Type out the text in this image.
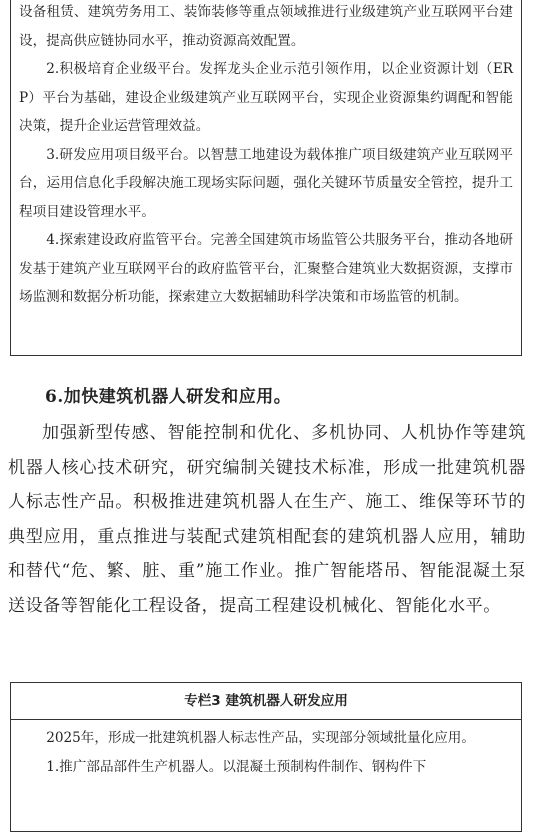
设备租赁、建筑劳务用工、装饰装修等重点领域推进行业级建筑产业互联网平台建设，提高供应链协同水平，推动资源高效配置。

2.积极培育企业级平台。发挥龙头企业示范引领作用，以企业资源计划（ERP）平台为基础，建设企业级建筑产业互联网平台，实现企业资源集约调配和智能决策，提升企业运营管理效益。

3.研发应用项目级平台。以智慧工地建设为载体推广项目级建筑产业互联网平台，运用信息化手段解决施工现场实际问题，强化关键环节质量安全管控，提升工程项目建设管理水平。

4.探索建设政府监管平台。完善全国建筑市场监管公共服务平台，推动各地研发基于建筑产业互联网平台的政府监管平台，汇聚整合建筑业大数据资源，支撑市场监测和数据分析功能，探索建立大数据辅助科学决策和市场监管的机制。

6.加快建筑机器人研发和应用。

加强新型传感、智能控制和优化、多机协同、人机协作等建筑机器人核心技术研究，研究编制关键技术标准，形成一批建筑机器人标志性产品。积极推进建筑机器人在生产、施工、维保等环节的典型应用，重点推进与装配式建筑相配套的建筑机器人应用，辅助和替代“危、繁、脏、重”施工作业。推广智能塔吊、智能混凝土泵送设备等智能化工程设备，提高工程建设机械化、智能化水平。

专栏3 建筑机器人研发应用

2025年，形成一批建筑机器人标志性产品，实现部分领域批量化应用。

1.推广部品部件生产机器人。以混凝土预制构件制作、钢构件下
